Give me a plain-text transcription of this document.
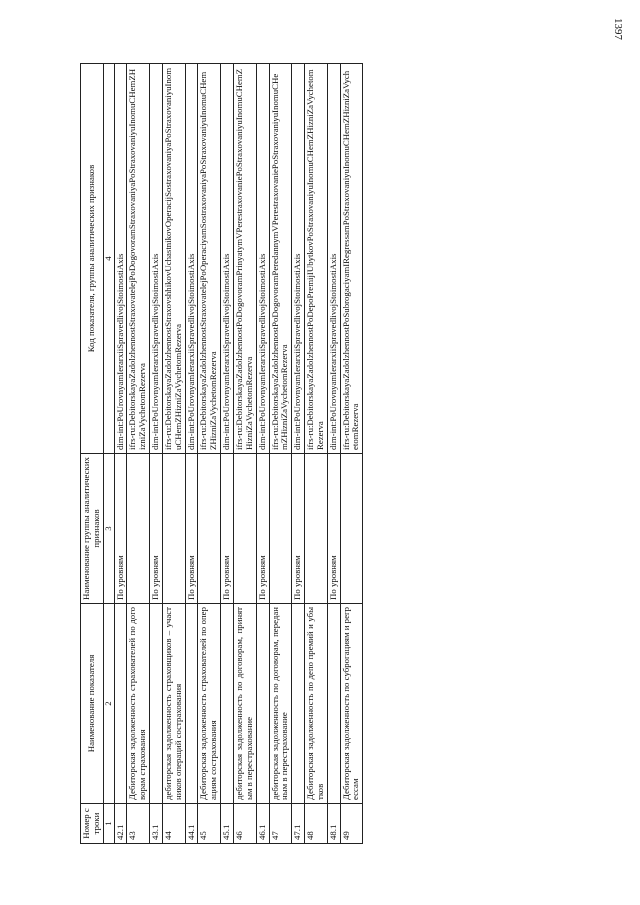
1397
Номер строки	Наименование показателя	Наименование группы аналитических признаков	Код показателя, группы аналитических признаков
1	2	3	4
42.1		По уровням	dim-int:PoUrovnyamIerarxiiSpravedlivojStoimostiAxis
43	Дебиторская задолженность страхователей по договорам страхования		ifrs-ru:DebitorskayaZadolzhennostStraxovatelejPoDogovoramStraxovaniyaPoStraxovaniyuInomuCHemZHizniZaVychetomRezerva
43.1		По уровням	dim-int:PoUrovnyamIerarxiiSpravedlivojStoimostiAxis
44	дебиторская задолженность страховщиков – участников операций сострахования		ifrs-ru:DebitorskayaZadolzhennostStraxovshhikovUchastnikovOperacijSostraxovaniyaPoStraxovaniyuInomuCHemZHizniZaVychetomRezerva
44.1		По уровням	dim-int:PoUrovnyamIerarxiiSpravedlivojStoimostiAxis
45	Дебиторская задолженность страхователей по операциям сострахования		ifrs-ru:DebitorskayaZadolzhennostStraxovatelejPoOperaciyamSostraxovaniyaPoStraxovaniyuInomuCHemZHizniZaVychetomRezerva
45.1		По уровням	dim-int:PoUrovnyamIerarxiiSpravedlivojStoimostiAxis
46	дебиторская задолженность по договорам, принятым в перестрахование		ifrs-ru:DebitorskayaZadolzhennostPoDogovoramPrinyatymVPerestraxovaniePoStraxovaniyuInomuCHemZHizniZaVychetomRezerva
46.1		По уровням	dim-int:PoUrovnyamIerarxiiSpravedlivojStoimostiAxis
47	дебиторская задолженность по договорам, переданным в перестрахование		ifrs-ru:DebitorskayaZadolzhennostPoDogovoramPeredannymVPerestraxovaniePoStraxovaniyuInomuCHemZHizniZaVychetomRezerva
47.1		По уровням	dim-int:PoUrovnyamIerarxiiSpravedlivojStoimostiAxis
48	Дебиторская задолженность по депо премий и убытков		ifrs-ru:DebitorskayaZadolzhennostPoDepoPremijIUbytkovPoStraxovaniyuInomuCHemZHizniZaVychetomRezerva
48.1		По уровням	dim-int:PoUrovnyamIerarxiiSpravedlivojStoimostiAxis
49	Дебиторская задолженность по суброгациям и регрессам		ifrs-ru:DebitorskayaZadolzhennostPoSubrogaciyamIRegressamPoStraxovaniyuInomuCHemZHizniZaVychetomRezerva
